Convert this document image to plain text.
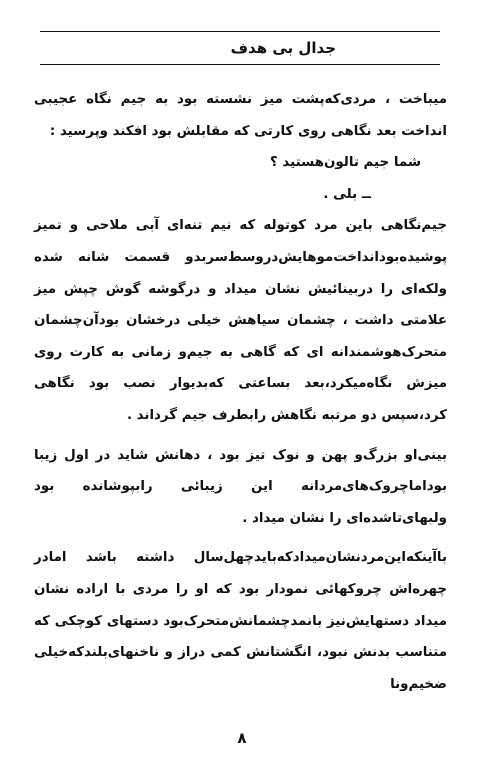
جدال بی هدف

میباخت ، مردی‌که‌پشت میز نشسته بود به جیم نگاه عجیبی انداخت بعد نگاهی روی کارتی که مقابلش بود افکند وپرسید :

شما جیم تالون‌هستید ؟

ــ بلی .

جیم‌نگاهی باین مرد کوتوله که نیم تنه‌ای آبی ملاحی و تمیز پوشیده‌بودانداخت‌موهایش‌در‌وسط‌سربد‌و قسمت شانه شده ولکه‌ای را دربینائیش نشان میداد و درگوشه گوش چپش میز علامتی داشت ، چشمان سیاهش خیلی درخشان بود‌آن‌چشمان متحرک‌هوشمند‌انه ای که گاهی به جیم‌و زمانی به کارت روی میزش نگاه‌میکرد،بعد بساعتی که‌بدیوار نصب بود نگاهی کرد،سپس دو مرتبه نگاهش رابطرف جیم گرداند .

بینی‌او بزرگ‌و پهن و نوک تیز بود ، دهانش شاید در اول زیبا بود‌اما‌چروک‌های‌مردانه این زیبائی رابپوشانده بود ولبهای‌تا‌شده‌ای را نشان میداد .

باآ‌ینکه‌این‌مرد‌نشان‌میداد‌که‌با‌ید‌چهل‌سال داشته باشد اما‌در چهره‌اش چروکهائی نمودار بود که او را مردی با اراده نشان میداد دستهایش‌نیز با‌نمدچشمانش‌متحرک‌بود دستهای کوچکی که متناسب بدنش نبود‌، انگشتانش کمی دراز و ناخنهای‌بلندکه‌خیلی ضخیم‌ونا

۸
